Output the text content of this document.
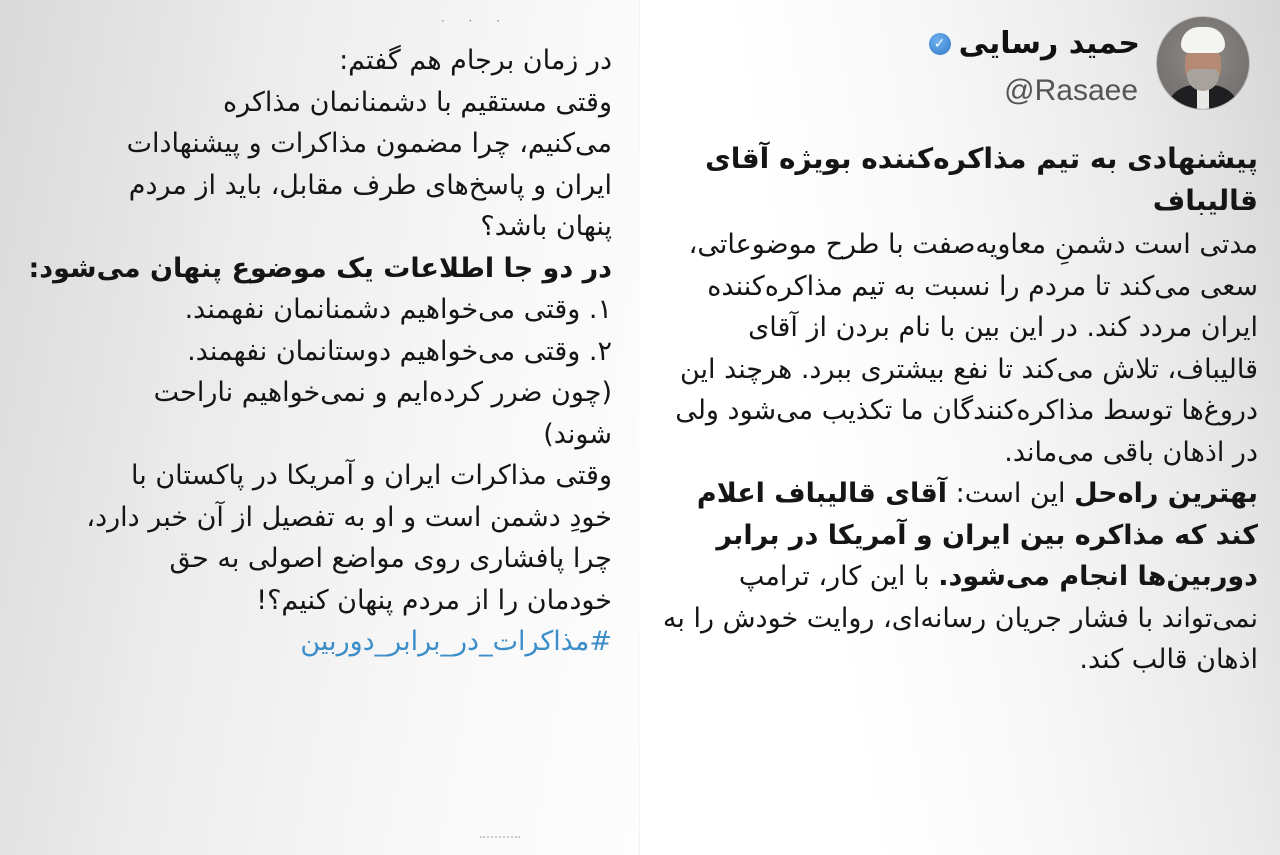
· · ·

در زمان برجام هم گفتم:

وقتی مستقیم با دشمنانمان مذاکره

می‌کنیم، چرا مضمون مذاکرات و پیشنهادات

ایران و پاسخ‌های طرف مقابل، باید از مردم

پنهان باشد؟

در دو جا اطلاعات یک موضوع پنهان می‌شود:

۱. وقتی می‌خواهیم دشمنانمان نفهمند.

۲. وقتی می‌خواهیم دوستانمان نفهمند.

(چون ضرر کرده‌ایم و نمی‌خواهیم ناراحت

شوند)

وقتی مذاکرات ایران و آمریکا در پاکستان با

خودِ دشمن است و او به تفصیل از آن خبر دارد،

چرا پافشاری روی مواضع اصولی به حق

خودمان را از مردم پنهان کنیم؟!

#مذاکرات_در_برابر_دوربین

حمید رسایی
✓
@Rasaee

پیشنهادی به تیم مذاکره‌کننده بویژه آقای قالیباف

مدتی است دشمنِ معاویه‌صفت با طرح موضوعاتی، سعی می‌کند تا مردم را نسبت به تیم مذاکره‌کننده ایران مردد کند. در این بین با نام بردن از آقای قالیباف، تلاش می‌کند تا نفع بیشتری ببرد. هرچند این دروغ‌ها توسط مذاکره‌کنندگان ما تکذیب می‌شود ولی در اذهان باقی می‌ماند.

بهترین راه‌حل این است: آقای قالیباف اعلام کند که مذاکره بین ایران و آمریکا در برابر دوربین‌ها انجام می‌شود. با این کار، ترامپ نمی‌تواند با فشار جریان رسانه‌ای، روایت خودش را به اذهان قالب کند.
